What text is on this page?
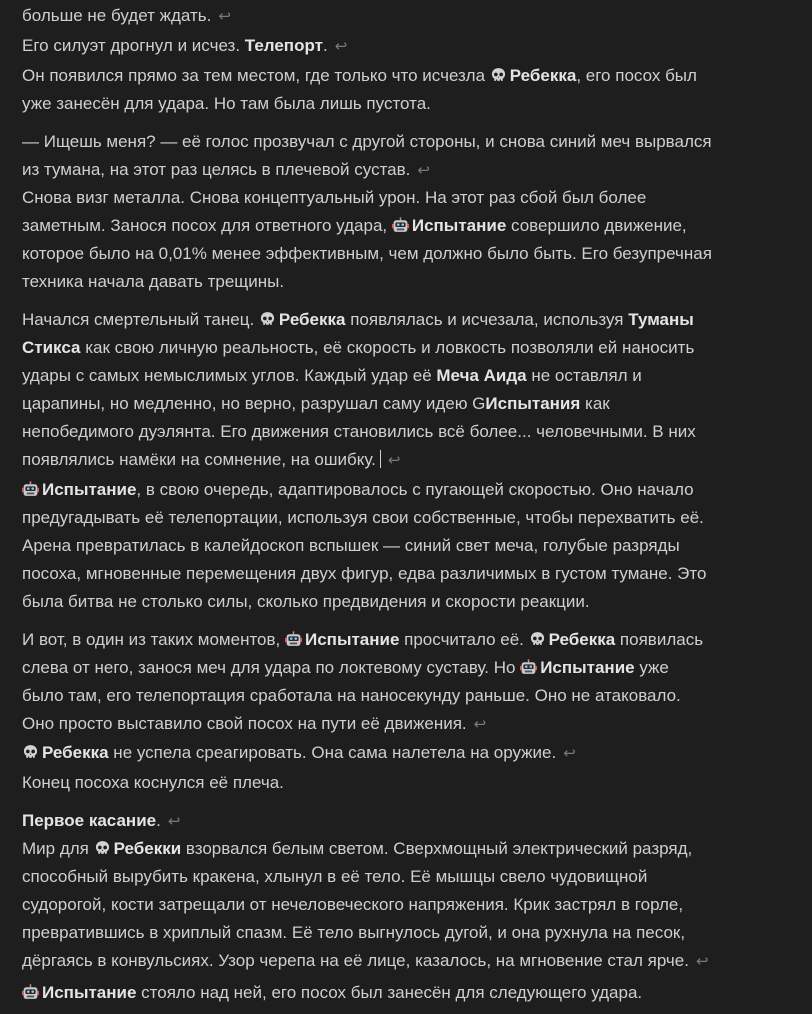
больше не будет ждать. ↩
Его силуэт дрогнул и исчез. Телепорт. ↩
Он появился прямо за тем местом, где только что исчезла Ребекка, его посох был
уже занесён для удара. Но там была лишь пустота.
— Ищешь меня? — её голос прозвучал с другой стороны, и снова синий меч вырвался
из тумана, на этот раз целясь в плечевой сустав. ↩
Снова визг металла. Снова концептуальный урон. На этот раз сбой был более
заметным. Занося посох для ответного удара, Испытание совершило движение,
которое было на 0,01% менее эффективным, чем должно было быть. Его безупречная
техника начала давать трещины.
Начался смертельный танец. Ребекка появлялась и исчезала, используя Туманы
Стикса как свою личную реальность, её скорость и ловкость позволяли ей наносить
удары с самых немыслимых углов. Каждый удар её Меча Аида не оставлял и
царапины, но медленно, но верно, разрушал саму идею GИспытания как
непобедимого дуэлянта. Его движения становились всё более... человечными. В них
появлялись намёки на сомнение, на ошибку. ↩
Испытание, в свою очередь, адаптировалось с пугающей скоростью. Оно начало
предугадывать её телепортации, используя свои собственные, чтобы перехватить её.
Арена превратилась в калейдоскоп вспышек — синий свет меча, голубые разряды
посоха, мгновенные перемещения двух фигур, едва различимых в густом тумане. Это
была битва не столько силы, сколько предвидения и скорости реакции.
И вот, в один из таких моментов, Испытание просчитало её. Ребекка появилась
слева от него, занося меч для удара по локтевому суставу. Но Испытание уже
было там, его телепортация сработала на наносекунду раньше. Оно не атаковало.
Оно просто выставило свой посох на пути её движения. ↩
Ребекка не успела среагировать. Она сама налетела на оружие. ↩
Конец посоха коснулся её плеча.
Первое касание. ↩
Мир для Ребекки взорвался белым светом. Сверхмощный электрический разряд,
способный вырубить кракена, хлынул в её тело. Её мышцы свело чудовищной
судорогой, кости затрещали от нечеловеческого напряжения. Крик застрял в горле,
превратившись в хриплый спазм. Её тело выгнулось дугой, и она рухнула на песок,
дёргаясь в конвульсиях. Узор черепа на её лице, казалось, на мгновение стал ярче. ↩
Испытание стояло над ней, его посох был занесён для следующего удара.
